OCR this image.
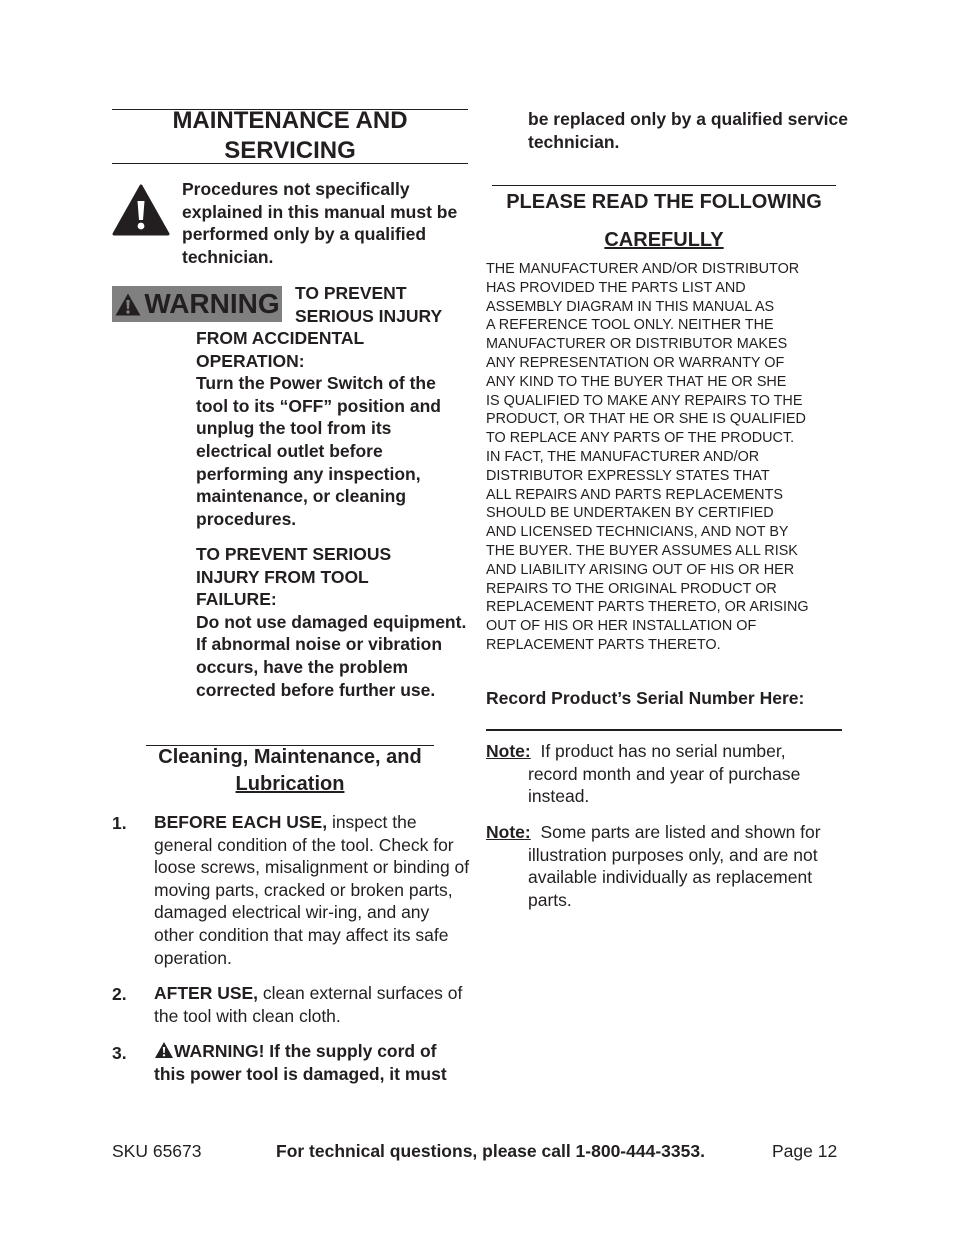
MAINTENANCE AND
SERVICING
Procedures not specifically explained in this manual must be performed only by a qualified technician.
WARNING TO PREVENT SERIOUS INJURY
FROM ACCIDENTAL
OPERATION:
Turn the Power Switch of the tool to its “OFF” position and unplug the tool from its electrical outlet before performing any inspection, maintenance, or cleaning procedures.
TO PREVENT SERIOUS INJURY FROM TOOL FAILURE:
Do not use damaged equipment. If abnormal noise or vibration occurs, have the problem corrected before further use.
Cleaning, Maintenance, and
Lubrication
1. BEFORE EACH USE, inspect the general condition of the tool. Check for loose screws, misalignment or binding of moving parts, cracked or broken parts, damaged electrical wir-ing, and any other condition that may affect its safe operation.
2. AFTER USE, clean external surfaces of the tool with clean cloth.
3.	WARNING! If the supply cord of this power tool is damaged, it must
be replaced only by a qualified service technician.
PLEASE READ THE FOLLOWING
CAREFULLY
THE MANUFACTURER AND/OR DISTRIBUTOR
HAS PROVIDED THE PARTS LIST AND
ASSEMBLY DIAGRAM IN THIS MANUAL AS
A REFERENCE TOOL ONLY. NEITHER THE
MANUFACTURER OR DISTRIBUTOR MAKES
ANY REPRESENTATION OR WARRANTY OF
ANY KIND TO THE BUYER THAT HE OR SHE
IS QUALIFIED TO MAKE ANY REPAIRS TO THE
PRODUCT, OR THAT HE OR SHE IS QUALIFIED
TO REPLACE ANY PARTS OF THE PRODUCT.
IN FACT, THE MANUFACTURER AND/OR
DISTRIBUTOR EXPRESSLY STATES THAT
ALL REPAIRS AND PARTS REPLACEMENTS
SHOULD BE UNDERTAKEN BY CERTIFIED
AND LICENSED TECHNICIANS, AND NOT BY
THE BUYER. THE BUYER ASSUMES ALL RISK
AND LIABILITY ARISING OUT OF HIS OR HER
REPAIRS TO THE ORIGINAL PRODUCT OR
REPLACEMENT PARTS THERETO, OR ARISING
OUT OF HIS OR HER INSTALLATION OF
REPLACEMENT PARTS THERETO.
Record Product’s Serial Number Here:
Note: If product has no serial number,
record month and year of purchase instead.
Note: Some parts are listed and shown for
illustration purposes only, and are not available individually as replacement parts.
SKU 65673	For technical questions, please call 1-800-444-3353.	Page 12
